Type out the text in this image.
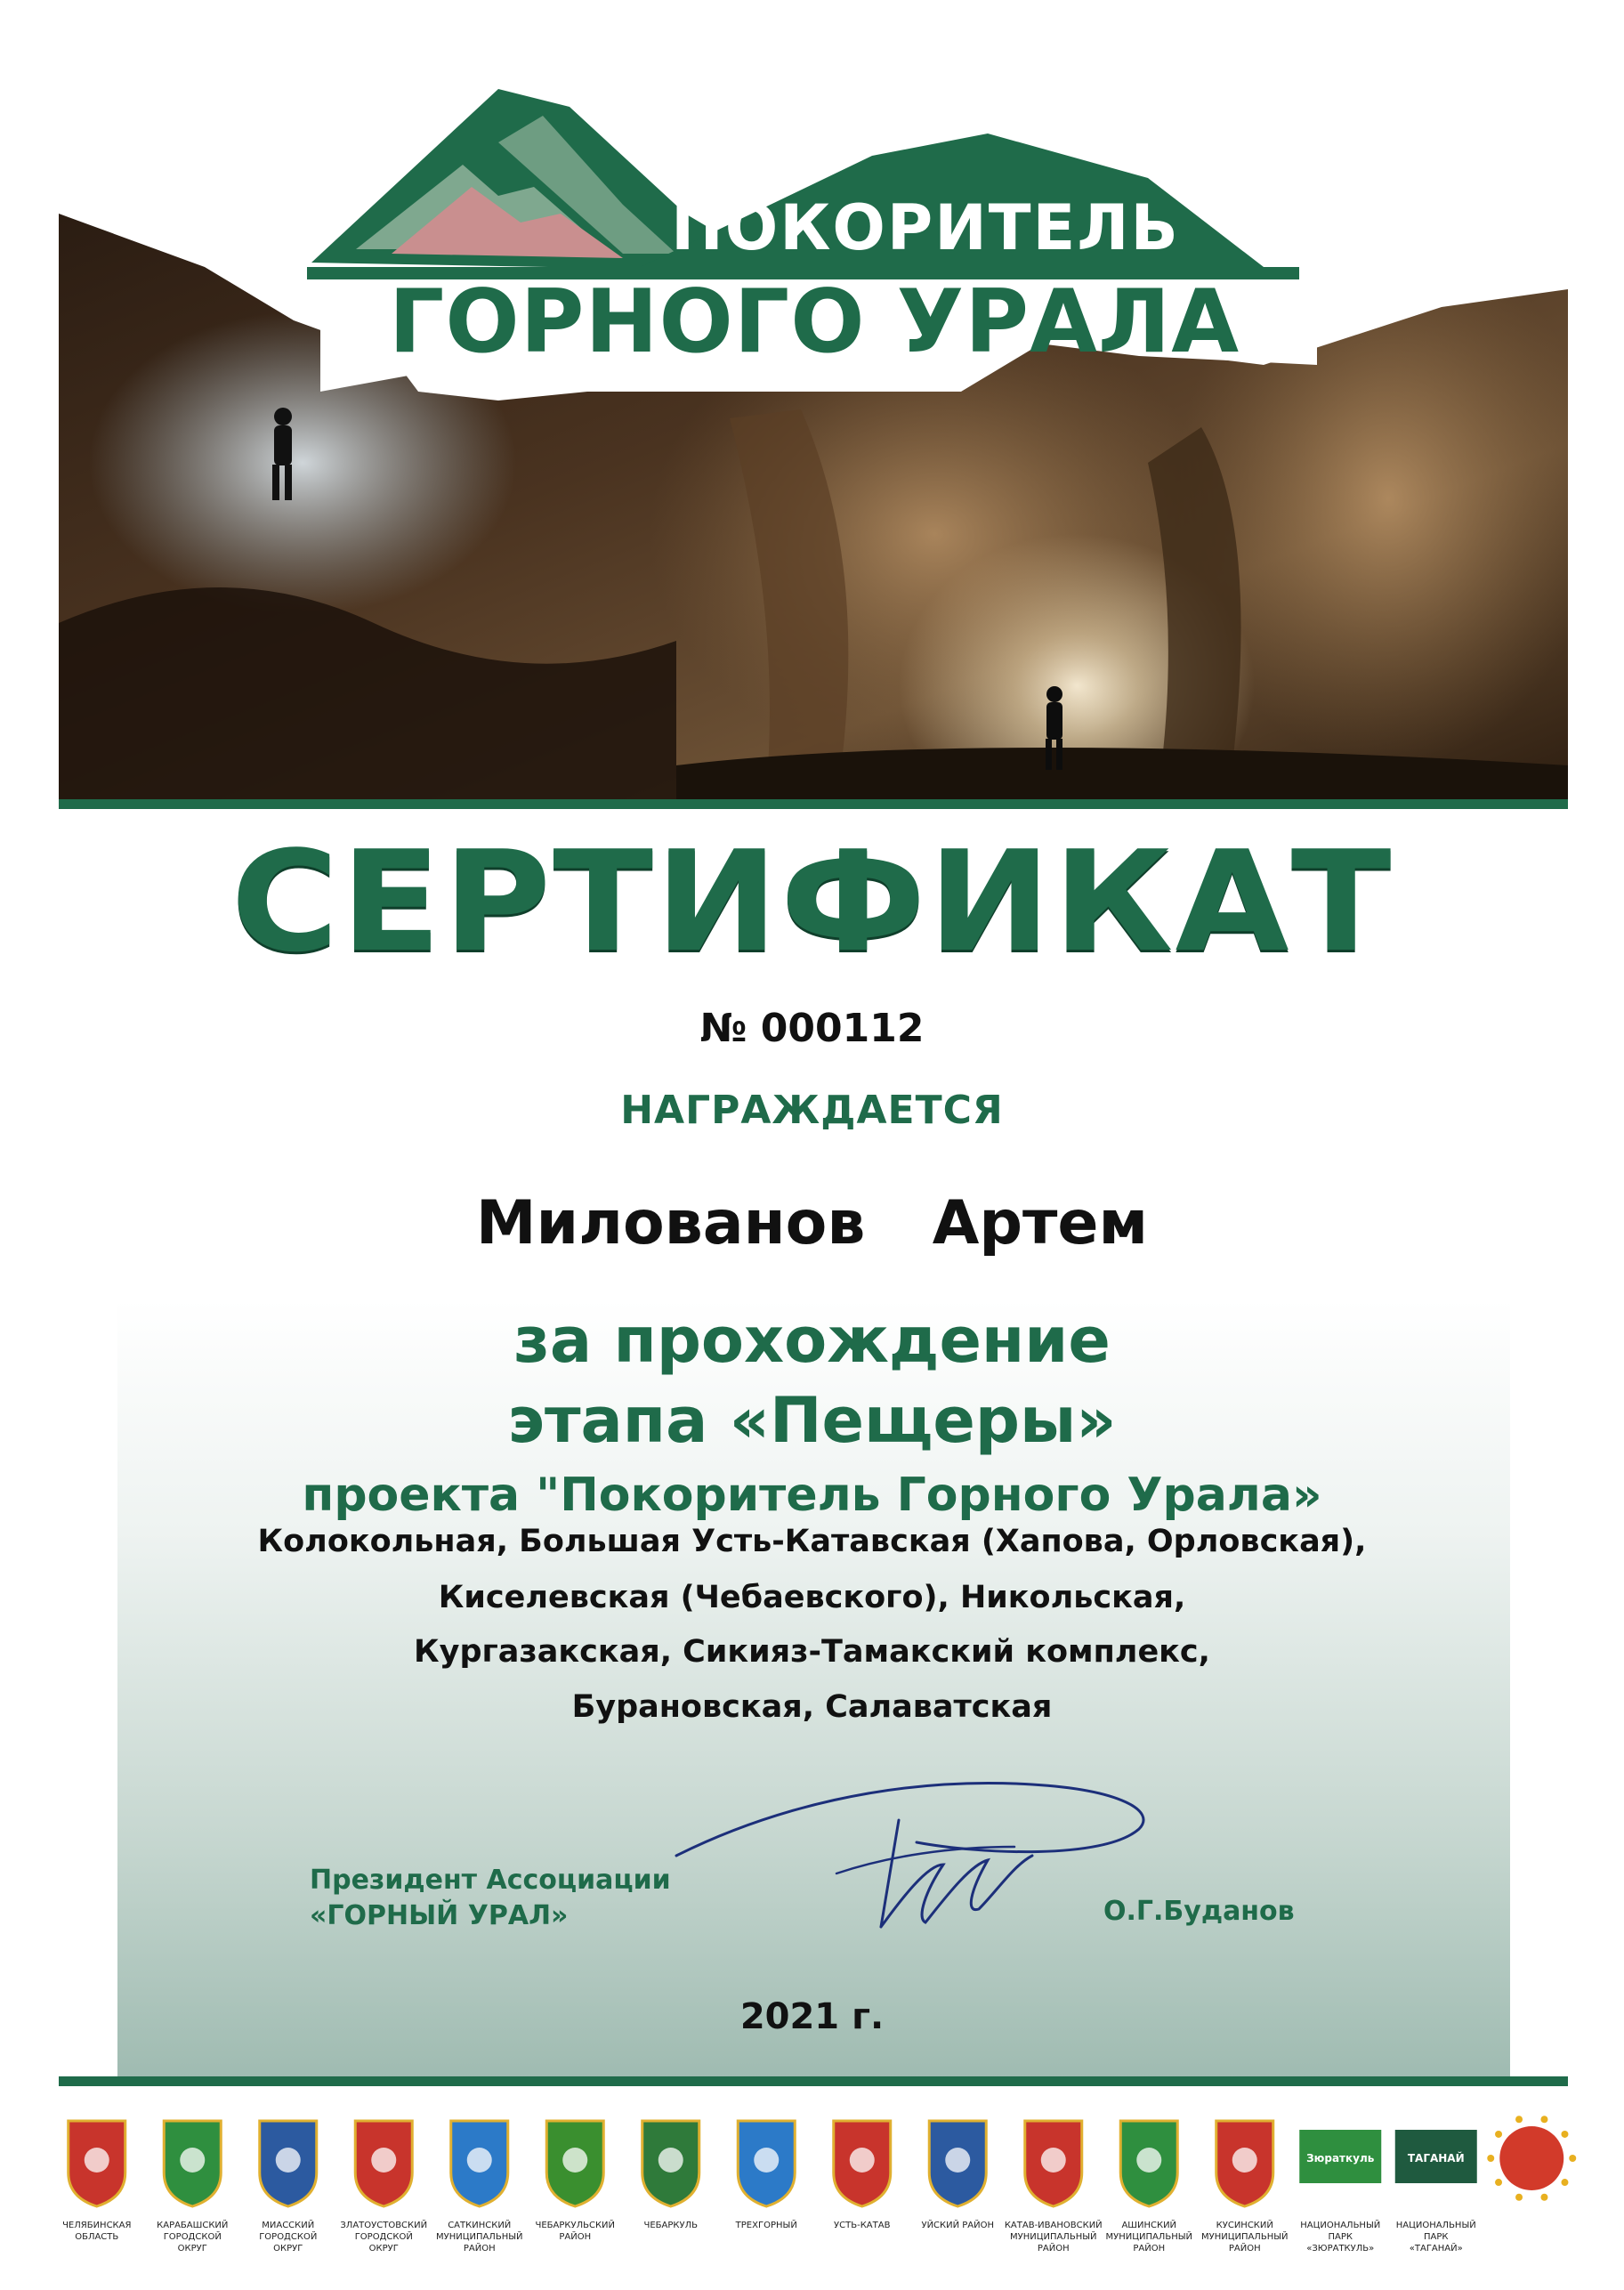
ПОКОРИТЕЛЬ
ГОРНОГО УРАЛА
СЕРТИФИКАТ
№ 000112
НАГРАЖДАЕТСЯ
Милованов  Артем
за прохождение
этапа «Пещеры»
проекта "Покоритель Горного Урала»
Колокольная, Большая Усть-Катавская (Хапова, Орловская),
Киселевская (Чебаевского), Никольская,
Кургазакская, Сикияз-Тамакский комплекс,
Бурановская, Салаватская
Президент Ассоциации
«ГОРНЫЙ УРАЛ»	О.Г.Буданов
2021 г.
ЧЕЛЯБИНСКАЯ
ОБЛАСТЬ
КАРАБАШСКИЙ
ГОРОДСКОЙ
ОКРУГ
МИАССКИЙ
ГОРОДСКОЙ
ОКРУГ
ЗЛАТОУСТОВСКИЙ
ГОРОДСКОЙ
ОКРУГ
САТКИНСКИЙ
МУНИЦИПАЛЬНЫЙ
РАЙОН
ЧЕБАРКУЛЬСКИЙ
РАЙОН
ЧЕБАРКУЛЬ	ТРЕХГОРНЫЙ	УСТЬ-КАТАВ	УЙСКИЙ РАЙОН КАТАВ-ИВАНОВСКИЙ
МУНИЦИПАЛЬНЫЙ
РАЙОН
АШИНСКИЙ
МУНИЦИПАЛЬНЫЙ
РАЙОН
КУСИНСКИЙ
МУНИЦИПАЛЬНЫЙ
РАЙОН
Зюраткуль
НАЦИОНАЛЬНЫЙ
ПАРК
«ЗЮРАТКУЛЬ»
ТАГАНАЙ
НАЦИОНАЛЬНЫЙ
ПАРК
«ТАГАНАЙ»
